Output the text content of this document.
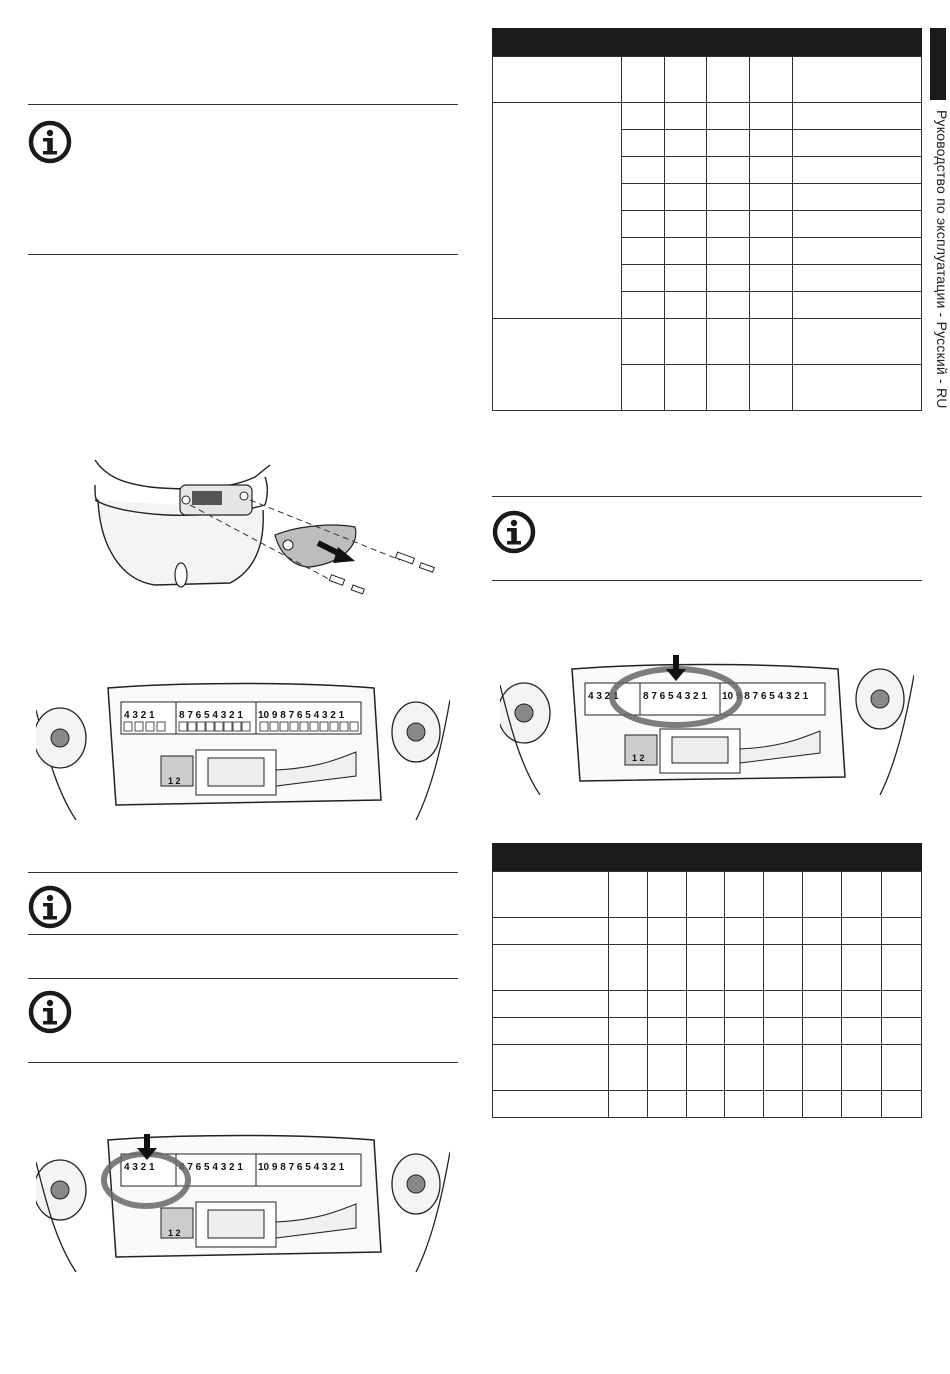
Руководство по эксплуатации - Русский - RU
4 3 2 1 8 7 6 5 4 3 2 1 10 9 8 7 6 5 4 3 2 1
1 2
4 3 2 1 8 7 6 5 4 3 2 1 10 9 8 7 6 5 4 3 2 1
1 2

4 3 2 1 8 7 6 5 4 3 2 1 10 9 8 7 6 5 4 3 2 1
1 2
